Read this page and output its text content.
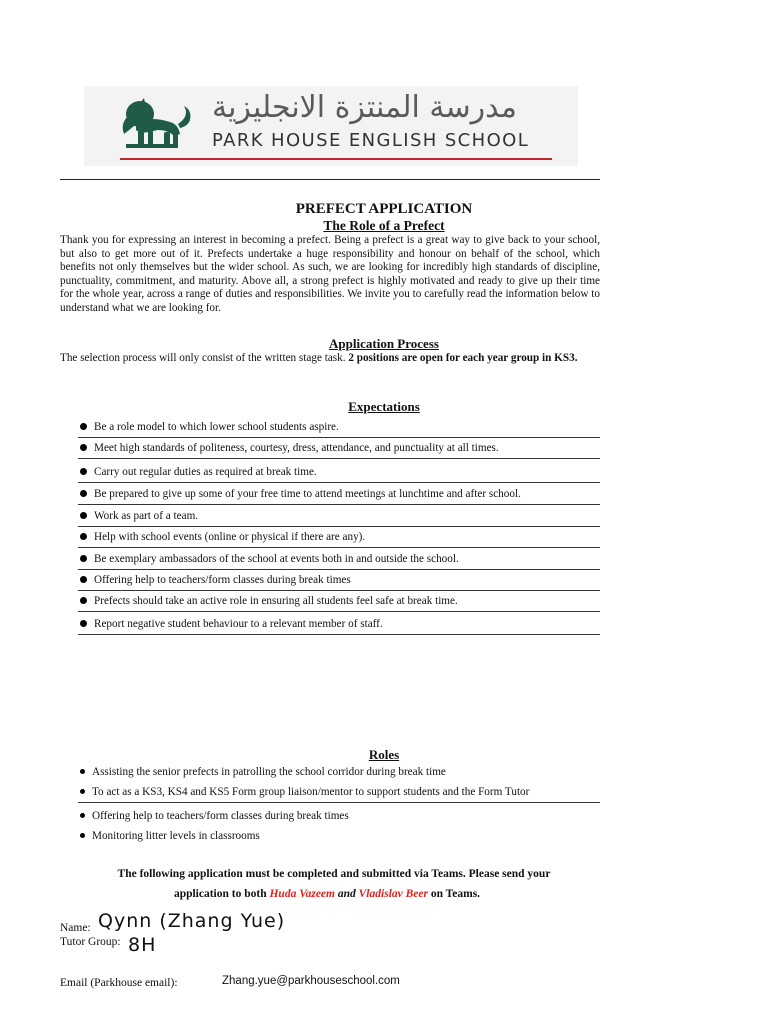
مدرسة المنتزة الانجليزية
PARK HOUSE ENGLISH SCHOOL
PREFECT APPLICATION
The Role of a Prefect
Thank you for expressing an interest in becoming a prefect. Being a prefect is a great way to give back to your school, but also to get more out of it. Prefects undertake a huge responsibility and honour on behalf of the school, which benefits not only themselves but the wider school. As such, we are looking for incredibly high standards of discipline, punctuality, commitment, and maturity. Above all, a strong prefect is highly motivated and ready to give up their time for the whole year, across a range of duties and responsibilities. We invite you to carefully read the information below to understand what we are looking for.
Application Process
The selection process will only consist of the written stage task. 2 positions are open for each year group in KS3.
Expectations
Be a role model to which lower school students aspire.
Meet high standards of politeness, courtesy, dress, attendance, and punctuality at all times.
Carry out regular duties as required at break time.
Be prepared to give up some of your free time to attend meetings at lunchtime and after school.
Work as part of a team.
Help with school events (online or physical if there are any).
Be exemplary ambassadors of the school at events both in and outside the school.
Offering help to teachers/form classes during break times
Prefects should take an active role in ensuring all students feel safe at break time.
Report negative student behaviour to a relevant member of staff.
Roles
Assisting the senior prefects in patrolling the school corridor during break time
To act as a KS3, KS4 and KS5 Form group liaison/mentor to support students and the Form Tutor
Offering help to teachers/form classes during break times
Monitoring litter levels in classrooms
The following application must be completed and submitted via Teams. Please send your
application to both Huda Vazeem and Vladislav Beer on Teams.
Name: Qynn (Zhang Yue)
Tutor Group: 8H
Email (Parkhouse email):	Zhang.yue@parkhouseschool.com
